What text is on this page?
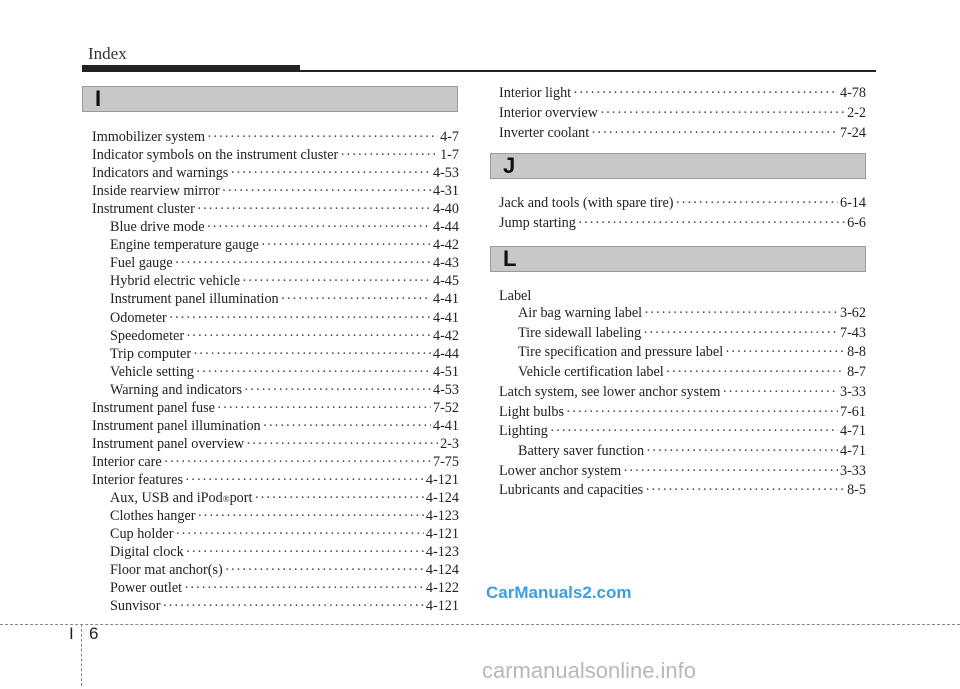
Index
I
Immobilizer system ·····	4-7
Indicator symbols on the instrument cluster ·····	1-7
Indicators and warnings ·····	4-53
Inside rearview mirror ·····	4-31
Instrument cluster ·····	4-40
Blue drive mode ·····	4-44
Engine temperature gauge ·····	4-42
Fuel gauge ·····	4-43
Hybrid electric vehicle ·····	4-45
Instrument panel illumination ·····	4-41
Odometer ·····	4-41
Speedometer ·····	4-42
Trip computer ·····	4-44
Vehicle setting ·····	4-51
Warning and indicators ·····	4-53
Instrument panel fuse ·····	7-52
Instrument panel illumination ·····	4-41
Instrument panel overview ·····	2-3
Interior care ·····	7-75
Interior features ·····	4-121
Aux, USB and iPod ® port ·····	4-124
Clothes hanger ·····	4-123
Cup holder ·····	4-121
Digital clock ·····	4-123
Floor mat anchor(s) ·····	4-124
Power outlet ·····	4-122
Sunvisor ·····	4-121
Interior light ·····	4-78
Interior overview ·····	2-2
Inverter coolant ·····	7-24
J
Jack and tools (with spare tire) ·····	6-14
Jump starting ·····	6-6
L
Label
Air bag warning label ·····	3-62
Tire sidewall labeling ·····	7-43
Tire specification and pressure label ·····	8-8
Vehicle certification label ·····	8-7
Latch system, see lower anchor system ·····	3-33
Light bulbs ·····	7-61
Lighting ·····	4-71
Battery saver function ·····	4-71
Lower anchor system ·····	3-33
Lubricants and capacities ·····	8-5
CarManuals2.com
I 6
carmanualsonline.info
